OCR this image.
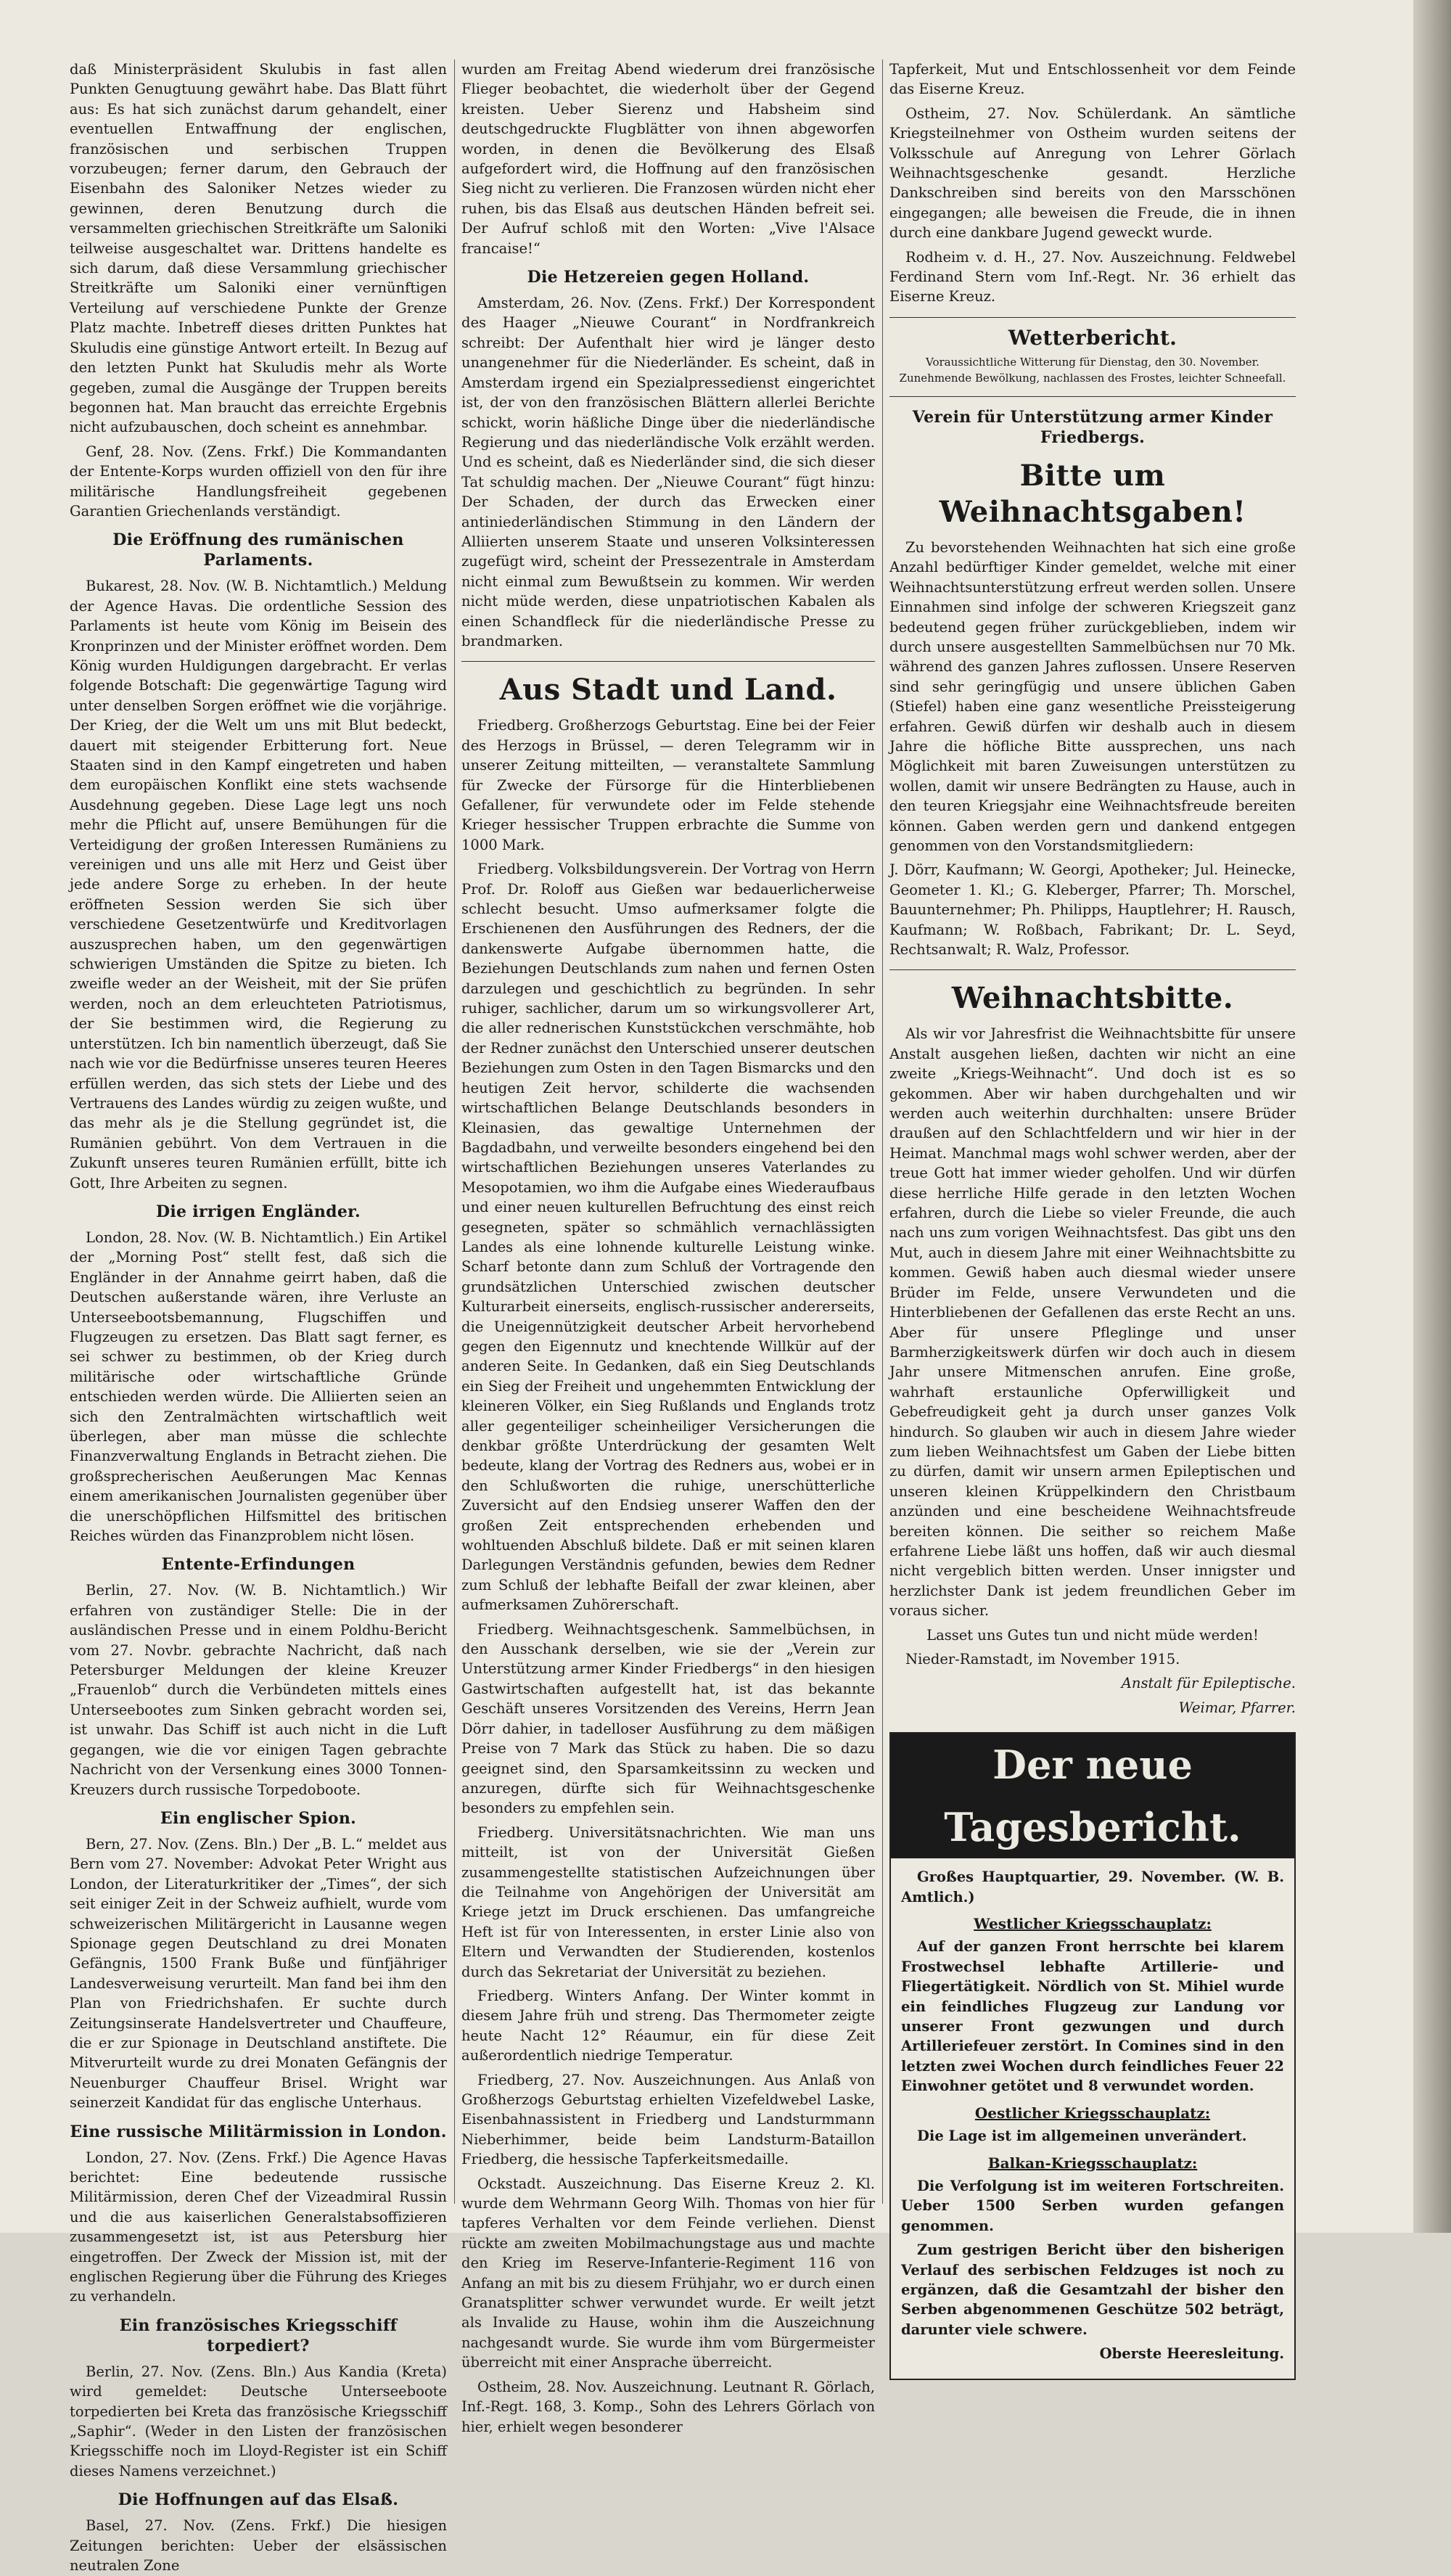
daß Ministerpräsident Skulubis in fast allen Punkten Genugtuung gewährt habe. Das Blatt führt aus: Es hat sich zunächst darum gehandelt, einer eventuellen Entwaffnung der englischen, französischen und serbischen Truppen vorzubeugen; ferner darum, den Gebrauch der Eisenbahn des Saloniker Netzes wieder zu gewinnen, deren Benutzung durch die versammelten griechischen Streitkräfte um Saloniki teilweise ausgeschaltet war. Drittens handelte es sich darum, daß diese Versammlung griechischer Streitkräfte um Saloniki einer vernünftigen Verteilung auf verschiedene Punkte der Grenze Platz machte. Inbetreff dieses dritten Punktes hat Skuludis eine günstige Antwort erteilt. In Bezug auf den letzten Punkt hat Skuludis mehr als Worte gegeben, zumal die Ausgänge der Truppen bereits begonnen hat. Man braucht das erreichte Ergebnis nicht aufzubauschen, doch scheint es annehmbar.

Genf, 28. Nov. (Zens. Frkf.) Die Kommandanten der Entente-Korps wurden offiziell von den für ihre militärische Handlungsfreiheit gegebenen Garantien Griechenlands verständigt.

Die Eröffnung des rumänischen Parlaments.

Bukarest, 28. Nov. (W. B. Nichtamtlich.) Meldung der Agence Havas. Die ordentliche Session des Parlaments ist heute vom König im Beisein des Kronprinzen und der Minister eröffnet worden. Dem König wurden Huldigungen dargebracht. Er verlas folgende Botschaft: Die gegenwärtige Tagung wird unter denselben Sorgen eröffnet wie die vorjährige. Der Krieg, der die Welt um uns mit Blut bedeckt, dauert mit steigender Erbitterung fort. Neue Staaten sind in den Kampf eingetreten und haben dem europäischen Konflikt eine stets wachsende Ausdehnung gegeben. Diese Lage legt uns noch mehr die Pflicht auf, unsere Bemühungen für die Verteidigung der großen Interessen Rumäniens zu vereinigen und uns alle mit Herz und Geist über jede andere Sorge zu erheben. In der heute eröffneten Session werden Sie sich über verschiedene Gesetzentwürfe und Kreditvorlagen auszusprechen haben, um den gegenwärtigen schwierigen Umständen die Spitze zu bieten. Ich zweifle weder an der Weisheit, mit der Sie prüfen werden, noch an dem erleuchteten Patriotismus, der Sie bestimmen wird, die Regierung zu unterstützen. Ich bin namentlich überzeugt, daß Sie nach wie vor die Bedürfnisse unseres teuren Heeres erfüllen werden, das sich stets der Liebe und des Vertrauens des Landes würdig zu zeigen wußte, und das mehr als je die Stellung gegründet ist, die Rumänien gebührt. Von dem Vertrauen in die Zukunft unseres teuren Rumänien erfüllt, bitte ich Gott, Ihre Arbeiten zu segnen.

Die irrigen Engländer.

London, 28. Nov. (W. B. Nichtamtlich.) Ein Artikel der „Morning Post“ stellt fest, daß sich die Engländer in der Annahme geirrt haben, daß die Deutschen außerstande wären, ihre Verluste an Unterseebootsbemannung, Flugschiffen und Flugzeugen zu ersetzen. Das Blatt sagt ferner, es sei schwer zu bestimmen, ob der Krieg durch militärische oder wirtschaftliche Gründe entschieden werden würde. Die Alliierten seien an sich den Zentralmächten wirtschaftlich weit überlegen, aber man müsse die schlechte Finanzverwaltung Englands in Betracht ziehen. Die großsprecherischen Aeußerungen Mac Kennas einem amerikanischen Journalisten gegenüber über die unerschöpflichen Hilfsmittel des britischen Reiches würden das Finanzproblem nicht lösen.

Entente-Erfindungen

Berlin, 27. Nov. (W. B. Nichtamtlich.) Wir erfahren von zuständiger Stelle: Die in der ausländischen Presse und in einem Poldhu-Bericht vom 27. Novbr. gebrachte Nachricht, daß nach Petersburger Meldungen der kleine Kreuzer „Frauenlob“ durch die Verbündeten mittels eines Unterseebootes zum Sinken gebracht worden sei, ist unwahr. Das Schiff ist auch nicht in die Luft gegangen, wie die vor einigen Tagen gebrachte Nachricht von der Versenkung eines 3000 Tonnen-Kreuzers durch russische Torpedoboote.

Ein englischer Spion.

Bern, 27. Nov. (Zens. Bln.) Der „B. L.“ meldet aus Bern vom 27. November: Advokat Peter Wright aus London, der Literaturkritiker der „Times“, der sich seit einiger Zeit in der Schweiz aufhielt, wurde vom schweizerischen Militärgericht in Lausanne wegen Spionage gegen Deutschland zu drei Monaten Gefängnis, 1500 Frank Buße und fünfjähriger Landesverweisung verurteilt. Man fand bei ihm den Plan von Friedrichshafen. Er suchte durch Zeitungsinserate Handelsvertreter und Chauffeure, die er zur Spionage in Deutschland anstiftete. Die Mitverurteilt wurde zu drei Monaten Gefängnis der Neuenburger Chauffeur Brisel. Wright war seinerzeit Kandidat für das englische Unterhaus.

Eine russische Militärmission in London.

London, 27. Nov. (Zens. Frkf.) Die Agence Havas berichtet: Eine bedeutende russische Militärmission, deren Chef der Vizeadmiral Russin und die aus kaiserlichen Generalstabsoffizieren zusammengesetzt ist, ist aus Petersburg hier eingetroffen. Der Zweck der Mission ist, mit der englischen Regierung über die Führung des Krieges zu verhandeln.

Ein französisches Kriegsschiff torpediert?

Berlin, 27. Nov. (Zens. Bln.) Aus Kandia (Kreta) wird gemeldet: Deutsche Unterseeboote torpedierten bei Kreta das französische Kriegsschiff „Saphir“. (Weder in den Listen der französischen Kriegsschiffe noch im Lloyd-Register ist ein Schiff dieses Namens verzeichnet.)

Die Hoffnungen auf das Elsaß.

Basel, 27. Nov. (Zens. Frkf.) Die hiesigen Zeitungen berichten: Ueber der elsässischen neutralen Zone

wurden am Freitag Abend wiederum drei französische Flieger beobachtet, die wiederholt über der Gegend kreisten. Ueber Sierenz und Habsheim sind deutschgedruckte Flugblätter von ihnen abgeworfen worden, in denen die Bevölkerung des Elsaß aufgefordert wird, die Hoffnung auf den französischen Sieg nicht zu verlieren. Die Franzosen würden nicht eher ruhen, bis das Elsaß aus deutschen Händen befreit sei. Der Aufruf schloß mit den Worten: „Vive l'Alsace francaise!“

Die Hetzereien gegen Holland.

Amsterdam, 26. Nov. (Zens. Frkf.) Der Korrespondent des Haager „Nieuwe Courant“ in Nordfrankreich schreibt: Der Aufenthalt hier wird je länger desto unangenehmer für die Niederländer. Es scheint, daß in Amsterdam irgend ein Spezialpressedienst eingerichtet ist, der von den französischen Blättern allerlei Berichte schickt, worin häßliche Dinge über die niederländische Regierung und das niederländische Volk erzählt werden. Und es scheint, daß es Niederländer sind, die sich dieser Tat schuldig machen. Der „Nieuwe Courant“ fügt hinzu: Der Schaden, der durch das Erwecken einer antiniederländischen Stimmung in den Ländern der Alliierten unserem Staate und unseren Volksinteressen zugefügt wird, scheint der Pressezentrale in Amsterdam nicht einmal zum Bewußtsein zu kommen. Wir werden nicht müde werden, diese unpatriotischen Kabalen als einen Schandfleck für die niederländische Presse zu brandmarken.

Aus Stadt und Land.

Friedberg. Großherzogs Geburtstag. Eine bei der Feier des Herzogs in Brüssel, — deren Telegramm wir in unserer Zeitung mitteilten, — veranstaltete Sammlung für Zwecke der Fürsorge für die Hinterbliebenen Gefallener, für verwundete oder im Felde stehende Krieger hessischer Truppen erbrachte die Summe von 1000 Mark.

Friedberg. Volksbildungsverein. Der Vortrag von Herrn Prof. Dr. Roloff aus Gießen war bedauerlicherweise schlecht besucht. Umso aufmerksamer folgte die Erschienenen den Ausführungen des Redners, der die dankenswerte Aufgabe übernommen hatte, die Beziehungen Deutschlands zum nahen und fernen Osten darzulegen und geschichtlich zu begründen. In sehr ruhiger, sachlicher, darum um so wirkungsvollerer Art, die aller rednerischen Kunststückchen verschmähte, hob der Redner zunächst den Unterschied unserer deutschen Beziehungen zum Osten in den Tagen Bismarcks und den heutigen Zeit hervor, schilderte die wachsenden wirtschaftlichen Belange Deutschlands besonders in Kleinasien, das gewaltige Unternehmen der Bagdadbahn, und verweilte besonders eingehend bei den wirtschaftlichen Beziehungen unseres Vaterlandes zu Mesopotamien, wo ihm die Aufgabe eines Wiederaufbaus und einer neuen kulturellen Befruchtung des einst reich gesegneten, später so schmählich vernachlässigten Landes als eine lohnende kulturelle Leistung winke. Scharf betonte dann zum Schluß der Vortragende den grundsätzlichen Unterschied zwischen deutscher Kulturarbeit einerseits, englisch-russischer andererseits, die Uneigennützigkeit deutscher Arbeit hervorhebend gegen den Eigennutz und knechtende Willkür auf der anderen Seite. In Gedanken, daß ein Sieg Deutschlands ein Sieg der Freiheit und ungehemmten Entwicklung der kleineren Völker, ein Sieg Rußlands und Englands trotz aller gegenteiliger scheinheiliger Versicherungen die denkbar größte Unterdrückung der gesamten Welt bedeute, klang der Vortrag des Redners aus, wobei er in den Schlußworten die ruhige, unerschütterliche Zuversicht auf den Endsieg unserer Waffen den der großen Zeit entsprechenden erhebenden und wohltuenden Abschluß bildete. Daß er mit seinen klaren Darlegungen Verständnis gefunden, bewies dem Redner zum Schluß der lebhafte Beifall der zwar kleinen, aber aufmerksamen Zuhörerschaft.

Friedberg. Weihnachtsgeschenk. Sammelbüchsen, in den Ausschank derselben, wie sie der „Verein zur Unterstützung armer Kinder Friedbergs“ in den hiesigen Gastwirtschaften aufgestellt hat, ist das bekannte Geschäft unseres Vorsitzenden des Vereins, Herrn Jean Dörr dahier, in tadelloser Ausführung zu dem mäßigen Preise von 7 Mark das Stück zu haben. Die so dazu geeignet sind, den Sparsamkeitssinn zu wecken und anzuregen, dürfte sich für Weihnachtsgeschenke besonders zu empfehlen sein.

Friedberg. Universitätsnachrichten. Wie man uns mitteilt, ist von der Universität Gießen zusammengestellte statistischen Aufzeichnungen über die Teilnahme von Angehörigen der Universität am Kriege jetzt im Druck erschienen. Das umfangreiche Heft ist für von Interessenten, in erster Linie also von Eltern und Verwandten der Studierenden, kostenlos durch das Sekretariat der Universität zu beziehen.

Friedberg. Winters Anfang. Der Winter kommt in diesem Jahre früh und streng. Das Thermometer zeigte heute Nacht 12° Réaumur, ein für diese Zeit außerordentlich niedrige Temperatur.

Friedberg, 27. Nov. Auszeichnungen. Aus Anlaß von Großherzogs Geburtstag erhielten Vizefeldwebel Laske, Eisenbahnassistent in Friedberg und Landsturmmann Nieberhimmer, beide beim Landsturm-Bataillon Friedberg, die hessische Tapferkeitsmedaille.

Ockstadt. Auszeichnung. Das Eiserne Kreuz 2. Kl. wurde dem Wehrmann Georg Wilh. Thomas von hier für tapferes Verhalten vor dem Feinde verliehen. Dienst rückte am zweiten Mobilmachungstage aus und machte den Krieg im Reserve-Infanterie-Regiment 116 von Anfang an mit bis zu diesem Frühjahr, wo er durch einen Granatsplitter schwer verwundet wurde. Er weilt jetzt als Invalide zu Hause, wohin ihm die Auszeichnung nachgesandt wurde. Sie wurde ihm vom Bürgermeister überreicht mit einer Ansprache überreicht.

Ostheim, 28. Nov. Auszeichnung. Leutnant R. Görlach, Inf.-Regt. 168, 3. Komp., Sohn des Lehrers Görlach von hier, erhielt wegen besonderer

Tapferkeit, Mut und Entschlossenheit vor dem Feinde das Eiserne Kreuz.

Ostheim, 27. Nov. Schülerdank. An sämtliche Kriegsteilnehmer von Ostheim wurden seitens der Volksschule auf Anregung von Lehrer Görlach Weihnachtsgeschenke gesandt. Herzliche Dankschreiben sind bereits von den Marsschönen eingegangen; alle beweisen die Freude, die in ihnen durch eine dankbare Jugend geweckt wurde.

Rodheim v. d. H., 27. Nov. Auszeichnung. Feldwebel Ferdinand Stern vom Inf.-Regt. Nr. 36 erhielt das Eiserne Kreuz.

Wetterbericht.

Voraussichtliche Witterung für Dienstag, den 30. November. Zunehmende Bewölkung, nachlassen des Frostes, leichter Schneefall.

Verein für Unterstützung armer Kinder Friedbergs.
Bitte um Weihnachtsgaben!

Zu bevorstehenden Weihnachten hat sich eine große Anzahl bedürftiger Kinder gemeldet, welche mit einer Weihnachtsunterstützung erfreut werden sollen. Unsere Einnahmen sind infolge der schweren Kriegszeit ganz bedeutend gegen früher zurückgeblieben, indem wir durch unsere ausgestellten Sammelbüchsen nur 70 Mk. während des ganzen Jahres zuflossen. Unsere Reserven sind sehr geringfügig und unsere üblichen Gaben (Stiefel) haben eine ganz wesentliche Preissteigerung erfahren. Gewiß dürfen wir deshalb auch in diesem Jahre die höfliche Bitte aussprechen, uns nach Möglichkeit mit baren Zuweisungen unterstützen zu wollen, damit wir unsere Bedrängten zu Hause, auch in den teuren Kriegsjahr eine Weihnachtsfreude bereiten können. Gaben werden gern und dankend entgegen genommen von den Vorstandsmitgliedern:

J. Dörr, Kaufmann; W. Georgi, Apotheker; Jul. Heinecke, Geometer 1. Kl.; G. Kleberger, Pfarrer; Th. Morschel, Bauunternehmer; Ph. Philipps, Hauptlehrer; H. Rausch, Kaufmann; W. Roßbach, Fabrikant; Dr. L. Seyd, Rechtsanwalt; R. Walz, Professor.

Weihnachtsbitte.

Als wir vor Jahresfrist die Weihnachtsbitte für unsere Anstalt ausgehen ließen, dachten wir nicht an eine zweite „Kriegs-Weihnacht“. Und doch ist es so gekommen. Aber wir haben durchgehalten und wir werden auch weiterhin durchhalten: unsere Brüder draußen auf den Schlachtfeldern und wir hier in der Heimat. Manchmal mags wohl schwer werden, aber der treue Gott hat immer wieder geholfen. Und wir dürfen diese herrliche Hilfe gerade in den letzten Wochen erfahren, durch die Liebe so vieler Freunde, die auch nach uns zum vorigen Weihnachtsfest. Das gibt uns den Mut, auch in diesem Jahre mit einer Weihnachtsbitte zu kommen. Gewiß haben auch diesmal wieder unsere Brüder im Felde, unsere Verwundeten und die Hinterbliebenen der Gefallenen das erste Recht an uns. Aber für unsere Pfleglinge und unser Barmherzigkeitswerk dürfen wir doch auch in diesem Jahr unsere Mitmenschen anrufen. Eine große, wahrhaft erstaunliche Opferwilligkeit und Gebefreudigkeit geht ja durch unser ganzes Volk hindurch. So glauben wir auch in diesem Jahre wieder zum lieben Weihnachtsfest um Gaben der Liebe bitten zu dürfen, damit wir unsern armen Epileptischen und unseren kleinen Krüppelkindern den Christbaum anzünden und eine bescheidene Weihnachtsfreude bereiten können. Die seither so reichem Maße erfahrene Liebe läßt uns hoffen, daß wir auch diesmal nicht vergeblich bitten werden. Unser innigster und herzlichster Dank ist jedem freundlichen Geber im voraus sicher.

Lasset uns Gutes tun und nicht müde werden!

Nieder-Ramstadt, im November 1915.

Anstalt für Epileptische.

Weimar, Pfarrer.

Der neue Tagesbericht.

Großes Hauptquartier, 29. November. (W. B. Amtlich.)

Westlicher Kriegsschauplatz:

Auf der ganzen Front herrschte bei klarem Frostwechsel lebhafte Artillerie- und Fliegertätigkeit. Nördlich von St. Mihiel wurde ein feindliches Flugzeug zur Landung vor unserer Front gezwungen und durch Artilleriefeuer zerstört. In Comines sind in den letzten zwei Wochen durch feindliches Feuer 22 Einwohner getötet und 8 verwundet worden.

Oestlicher Kriegsschauplatz:

Die Lage ist im allgemeinen unverändert.

Balkan-Kriegsschauplatz:

Die Verfolgung ist im weiteren Fortschreiten. Ueber 1500 Serben wurden gefangen genommen.

Zum gestrigen Bericht über den bisherigen Verlauf des serbischen Feldzuges ist noch zu ergänzen, daß die Gesamtzahl der bisher den Serben abgenommenen Geschütze 502 beträgt, darunter viele schwere.

Oberste Heeresleitung.
